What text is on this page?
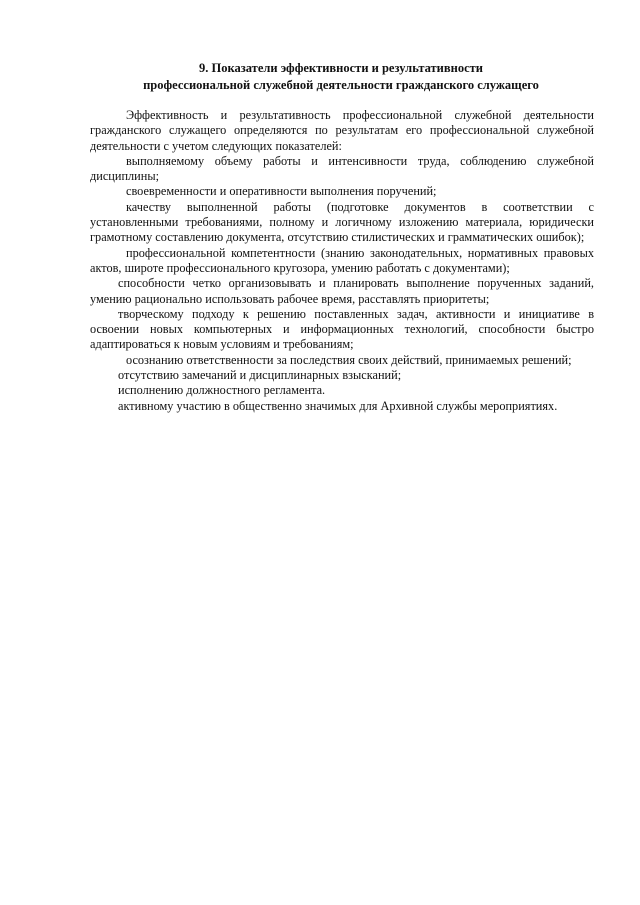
9. Показатели эффективности и результативности
профессиональной служебной деятельности гражданского служащего

Эффективность и результативность профессиональной служебной деятельности гражданского служащего определяются по результатам его профессиональной служебной деятельности с учетом следующих показателей:

выполняемому объему работы и интенсивности труда, соблюдению служебной дисциплины;

своевременности и оперативности выполнения поручений;

качеству выполненной работы (подготовке документов в соответствии с установленными требованиями, полному и логичному изложению материала, юридически грамотному составлению документа, отсутствию стилистических и грамматических ошибок);

профессиональной компетентности (знанию законодательных, нормативных правовых актов, широте профессионального кругозора, умению работать с документами);

способности четко организовывать и планировать выполнение порученных заданий, умению рационально использовать рабочее время, расставлять приоритеты;

творческому подходу к решению поставленных задач, активности и инициативе в освоении новых компьютерных и информационных технологий, способности быстро адаптироваться к новым условиям и требованиям;

осознанию ответственности за последствия своих действий, принимаемых решений;

отсутствию замечаний и дисциплинарных взысканий;

исполнению должностного регламента.

активному участию в общественно значимых для Архивной службы мероприятиях.
